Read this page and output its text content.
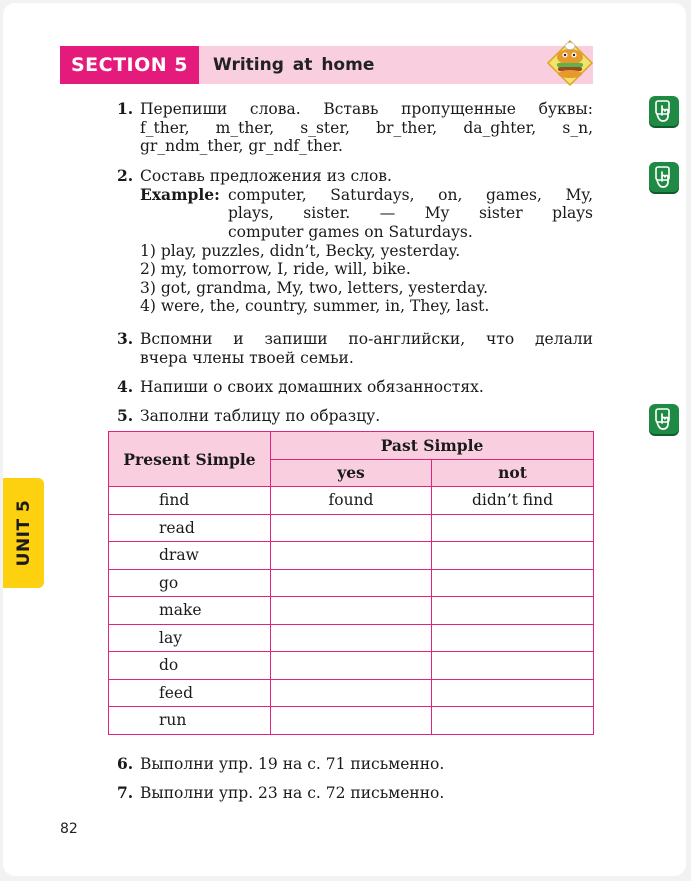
SECTION 5	Writing at home
1. Перепиши слова. Вставь пропущенные буквы:
f_ther, m_ther, s_ster, br_ther, da_ghter, s_n,
gr_ndm_ther, gr_ndf_ther.
2. Составь предложения из слов.
Example: computer, Saturdays, on, games, My,
plays, sister. — My sister plays
computer games on Saturdays.
1) play, puzzles, didn’t, Becky, yesterday.
2) my, tomorrow, I, ride, will, bike.
3) got, grandma, My, two, letters, yesterday.
4) were, the, country, summer, in, They, last.
3. Вспомни и запиши по-английски, что делали
вчера члены твоей семьи.
4. Напиши о своих домашних обязанностях.
5. Заполни таблицу по образцу.
Present Simple	Past Simple	
	yes	not
find	found	didn’t find
read		
draw		
go		
make		
lay		
do		
feed		
run		
6. Выполни упр. 19 на с. 71 письменно.
7. Выполни упр. 23 на с. 72 письменно.
UNIT 5
82
